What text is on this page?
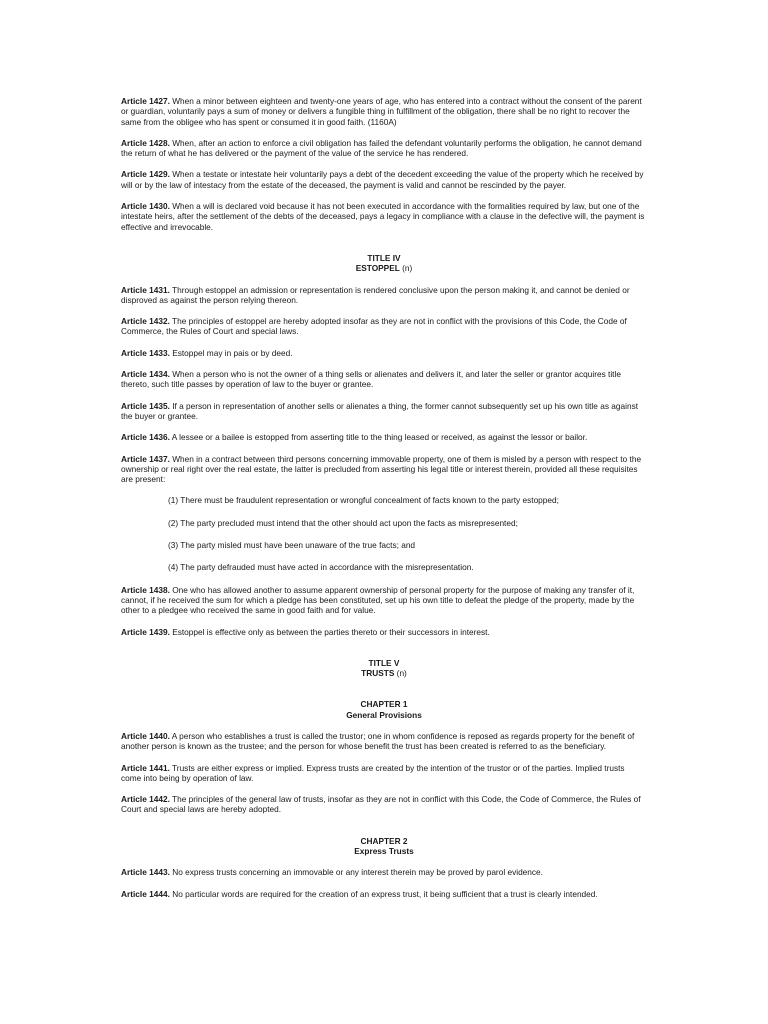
Article 1427. When a minor between eighteen and twenty-one years of age, who has entered into a contract without the consent of the parent or guardian, voluntarily pays a sum of money or delivers a fungible thing in fulfillment of the obligation, there shall be no right to recover the same from the obligee who has spent or consumed it in good faith. (1160A)

Article 1428. When, after an action to enforce a civil obligation has failed the defendant voluntarily performs the obligation, he cannot demand the return of what he has delivered or the payment of the value of the service he has rendered.

Article 1429. When a testate or intestate heir voluntarily pays a debt of the decedent exceeding the value of the property which he received by will or by the law of intestacy from the estate of the deceased, the payment is valid and cannot be rescinded by the payer.

Article 1430. When a will is declared void because it has not been executed in accordance with the formalities required by law, but one of the intestate heirs, after the settlement of the debts of the deceased, pays a legacy in compliance with a clause in the defective will, the payment is effective and irrevocable.

TITLE IV
ESTOPPEL (n)

Article 1431. Through estoppel an admission or representation is rendered conclusive upon the person making it, and cannot be denied or disproved as against the person relying thereon.

Article 1432. The principles of estoppel are hereby adopted insofar as they are not in conflict with the provisions of this Code, the Code of Commerce, the Rules of Court and special laws.

Article 1433. Estoppel may in pais or by deed.

Article 1434. When a person who is not the owner of a thing sells or alienates and delivers it, and later the seller or grantor acquires title thereto, such title passes by operation of law to the buyer or grantee.

Article 1435. If a person in representation of another sells or alienates a thing, the former cannot subsequently set up his own title as against the buyer or grantee.

Article 1436. A lessee or a bailee is estopped from asserting title to the thing leased or received, as against the lessor or bailor.

Article 1437. When in a contract between third persons concerning immovable property, one of them is misled by a person with respect to the ownership or real right over the real estate, the latter is precluded from asserting his legal title or interest therein, provided all these requisites are present:

(1) There must be fraudulent representation or wrongful concealment of facts known to the party estopped;

(2) The party precluded must intend that the other should act upon the facts as misrepresented;

(3) The party misled must have been unaware of the true facts; and

(4) The party defrauded must have acted in accordance with the misrepresentation.

Article 1438. One who has allowed another to assume apparent ownership of personal property for the purpose of making any transfer of it, cannot, if he received the sum for which a pledge has been constituted, set up his own title to defeat the pledge of the property, made by the other to a pledgee who received the same in good faith and for value.

Article 1439. Estoppel is effective only as between the parties thereto or their successors in interest.

TITLE V
TRUSTS (n)
CHAPTER 1
General Provisions

Article 1440. A person who establishes a trust is called the trustor; one in whom confidence is reposed as regards property for the benefit of another person is known as the trustee; and the person for whose benefit the trust has been created is referred to as the beneficiary.

Article 1441. Trusts are either express or implied. Express trusts are created by the intention of the trustor or of the parties. Implied trusts come into being by operation of law.

Article 1442. The principles of the general law of trusts, insofar as they are not in conflict with this Code, the Code of Commerce, the Rules of Court and special laws are hereby adopted.

CHAPTER 2
Express Trusts

Article 1443. No express trusts concerning an immovable or any interest therein may be proved by parol evidence.

Article 1444. No particular words are required for the creation of an express trust, it being sufficient that a trust is clearly intended.
